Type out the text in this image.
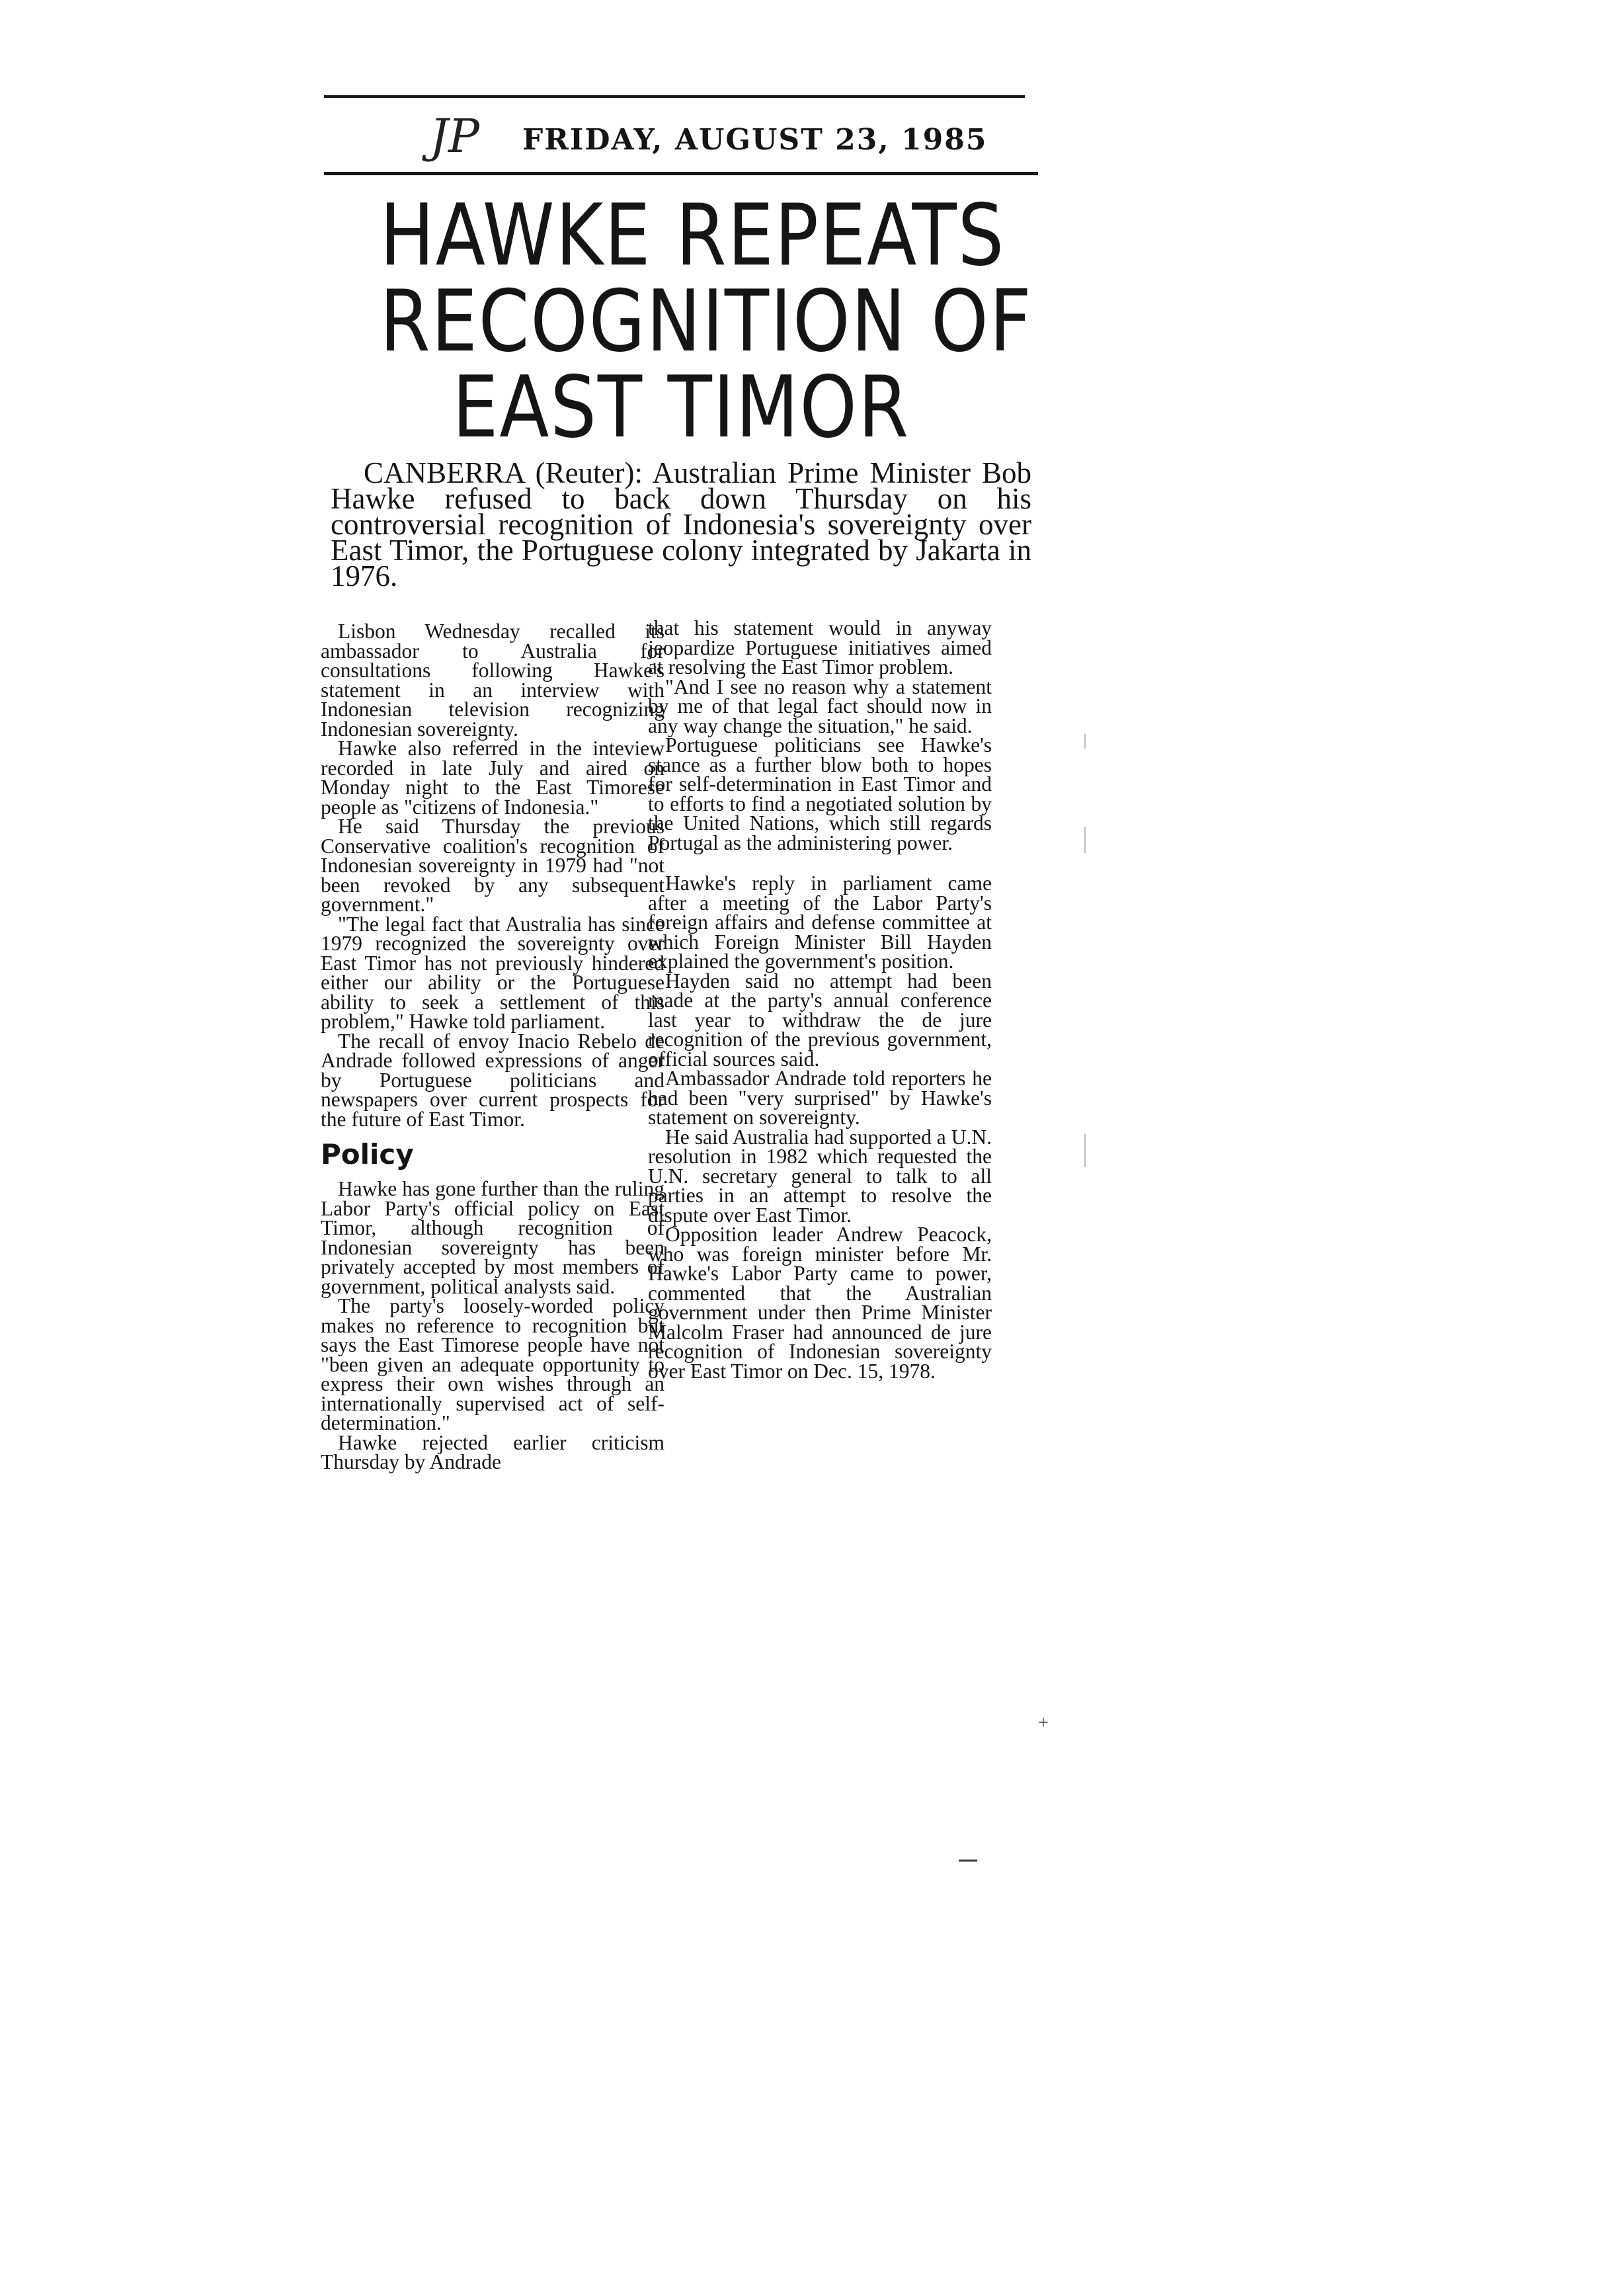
JP FRIDAY, AUGUST 23, 1985
HAWKE REPEATS
RECOGNITION OF
EAST TIMOR
CANBERRA (Reuter): Australian Prime Minister Bob Hawke refused to back down Thursday on his controversial recognition of Indonesia's sovereignty over East Timor, the Portuguese colony integrated by Jakarta in 1976.

Lisbon Wednesday recalled its ambassador to Australia for consultations following Hawke's statement in an interview with Indonesian television recognizing Indonesian sovereignty.

Hawke also referred in the inteview recorded in late July and aired on Monday night to the East Timorese people as "citizens of Indonesia."

He said Thursday the previous Conservative coalition's recognition of Indonesian sovereignty in 1979 had "not been revoked by any subsequent government."

"The legal fact that Australia has since 1979 recognized the sovereignty over East Timor has not previously hindered either our ability or the Portuguese ability to seek a settlement of this problem," Hawke told parliament.

The recall of envoy Inacio Rebelo de Andrade followed expressions of anger by Portuguese politicians and newspapers over current prospects for the future of East Timor.

Policy

Hawke has gone further than the ruling Labor Party's official policy on East Timor, although recognition of Indonesian sovereignty has been privately accepted by most members of government, political analysts said.

The party's loosely-worded policy makes no reference to recognition but says the East Timorese people have not "been given an adequate opportunity to express their own wishes through an internationally supervised act of self-determination."

Hawke rejected earlier criticism Thursday by Andrade

that his statement would in anyway jeopardize Portuguese initiatives aimed at resolving the East Timor problem.

"And I see no reason why a statement by me of that legal fact should now in any way change the situation," he said.

Portuguese politicians see Hawke's stance as a further blow both to hopes for self-determination in East Timor and to efforts to find a negotiated solution by the United Nations, which still regards Portugal as the administering power.

Hawke's reply in parliament came after a meeting of the Labor Party's foreign affairs and defense committee at which Foreign Minister Bill Hayden explained the government's position.

Hayden said no attempt had been made at the party's annual conference last year to withdraw the de jure recognition of the previous government, official sources said.

Ambassador Andrade told reporters he had been "very surprised" by Hawke's statement on sovereignty.

He said Australia had supported a U.N. resolution in 1982 which requested the U.N. secretary general to talk to all parties in an attempt to resolve the dispute over East Timor.

Opposition leader Andrew Peacock, who was foreign minister before Mr. Hawke's Labor Party came to power, commented that the Australian government under then Prime Minister Malcolm Fraser had announced de jure recognition of Indonesian sovereignty over East Timor on Dec. 15, 1978.

+
